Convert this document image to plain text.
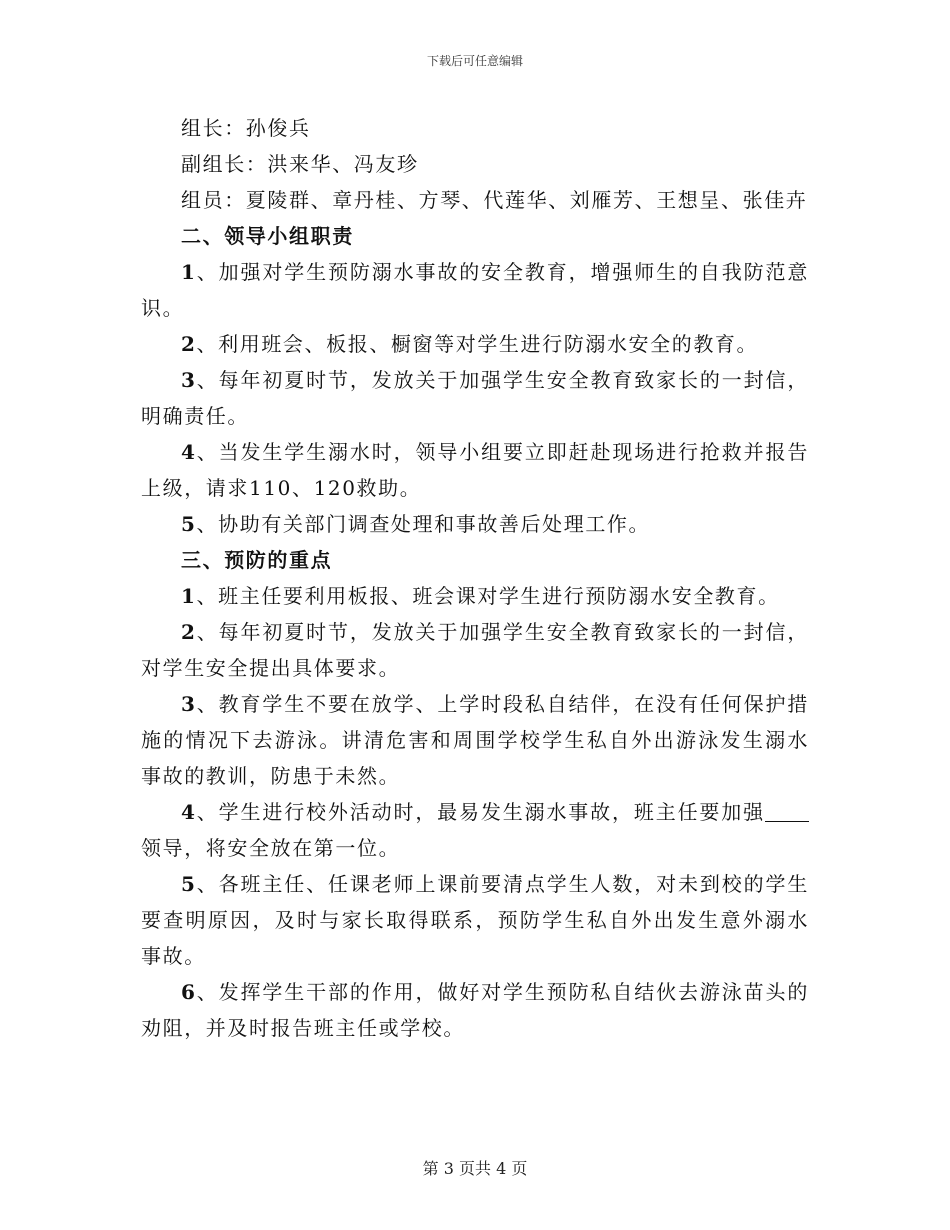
下载后可任意编辑

组长：孙俊兵

副组长：洪来华、冯友珍

组员：夏陵群、章丹桂、方琴、代莲华、刘雁芳、王想呈、张佳卉

二、领导小组职责

1、加强对学生预防溺水事故的安全教育，增强师生的自我防范意识。

2、利用班会、板报、橱窗等对学生进行防溺水安全的教育。

3、每年初夏时节，发放关于加强学生安全教育致家长的一封信，明确责任。

4、当发生学生溺水时，领导小组要立即赶赴现场进行抢救并报告上级，请求110、120救助。

5、协助有关部门调查处理和事故善后处理工作。

三、预防的重点

1、班主任要利用板报、班会课对学生进行预防溺水安全教育。

2、每年初夏时节，发放关于加强学生安全教育致家长的一封信，对学生安全提出具体要求。

3、教育学生不要在放学、上学时段私自结伴，在没有任何保护措施的情况下去游泳。讲清危害和周围学校学生私自外出游泳发生溺水事故的教训，防患于未然。

4、学生进行校外活动时，最易发生溺水事故，班主任要加强领导，将安全放在第一位。

5、各班主任、任课老师上课前要清点学生人数，对未到校的学生要查明原因，及时与家长取得联系，预防学生私自外出发生意外溺水事故。

6、发挥学生干部的作用，做好对学生预防私自结伙去游泳苗头的劝阻，并及时报告班主任或学校。

第 3 页共 4 页
